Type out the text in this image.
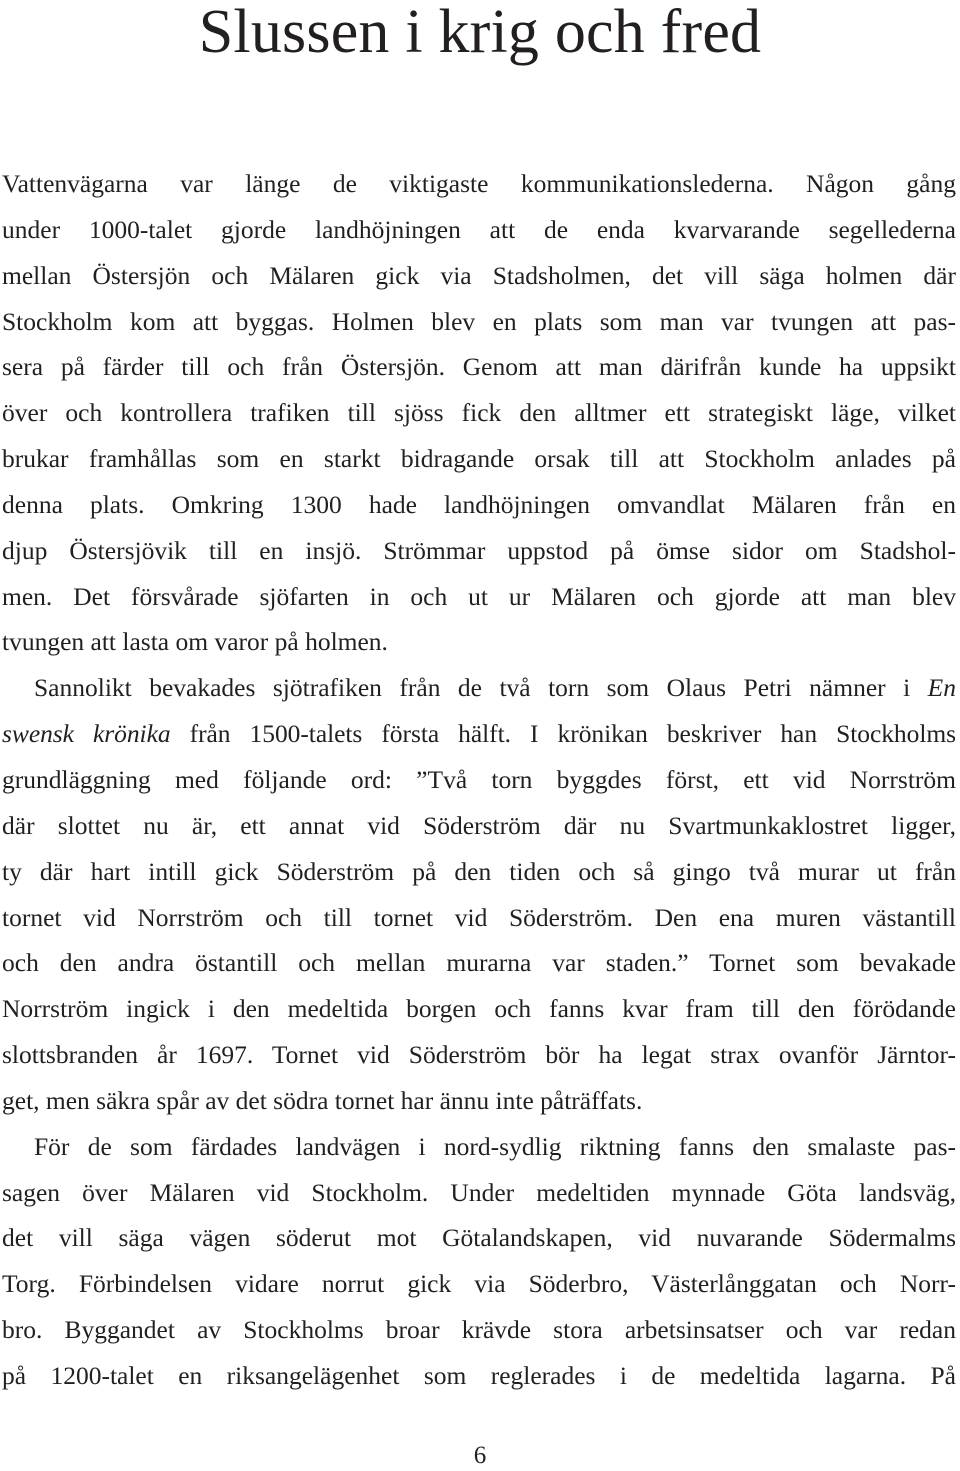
Slussen i krig och fred

Vattenvägarna var länge de viktigaste kommunikationslederna. Någon gång
under 1000-talet gjorde landhöjningen att de enda kvarvarande segellederna
mellan Östersjön och Mälaren gick via Stadsholmen, det vill säga holmen där
Stockholm kom att byggas. Holmen blev en plats som man var tvungen att pas-
sera på färder till och från Östersjön. Genom att man därifrån kunde ha uppsikt
över och kontrollera trafiken till sjöss fick den alltmer ett strategiskt läge, vilket
brukar framhållas som en starkt bidragande orsak till att Stockholm anlades på
denna plats. Omkring 1300 hade landhöjningen omvandlat Mälaren från en
djup Östersjövik till en insjö. Strömmar uppstod på ömse sidor om Stadshol-
men. Det försvårade sjöfarten in och ut ur Mälaren och gjorde att man blev
tvungen att lasta om varor på holmen.

Sannolikt bevakades sjötrafiken från de två torn som Olaus Petri nämner i En
swensk krönika från 1500-talets första hälft. I krönikan beskriver han Stockholms
grundläggning med följande ord: ”Två torn byggdes först, ett vid Norrström
där slottet nu är, ett annat vid Söderström där nu Svartmunkaklostret ligger,
ty där hart intill gick Söderström på den tiden och så gingo två murar ut från
tornet vid Norrström och till tornet vid Söderström. Den ena muren västantill
och den andra östantill och mellan murarna var staden.” Tornet som bevakade
Norrström ingick i den medeltida borgen och fanns kvar fram till den förödande
slottsbranden år 1697. Tornet vid Söderström bör ha legat strax ovanför Järntor-
get, men säkra spår av det södra tornet har ännu inte påträffats.

För de som färdades landvägen i nord-sydlig riktning fanns den smalaste pas-
sagen över Mälaren vid Stockholm. Under medeltiden mynnade Göta landsväg,
det vill säga vägen söderut mot Götalandskapen, vid nuvarande Södermalms
Torg. Förbindelsen vidare norrut gick via Söderbro, Västerlånggatan och Norr-
bro. Byggandet av Stockholms broar krävde stora arbetsinsatser och var redan
på 1200-talet en riksangelägenhet som reglerades i de medeltida lagarna. På

6
